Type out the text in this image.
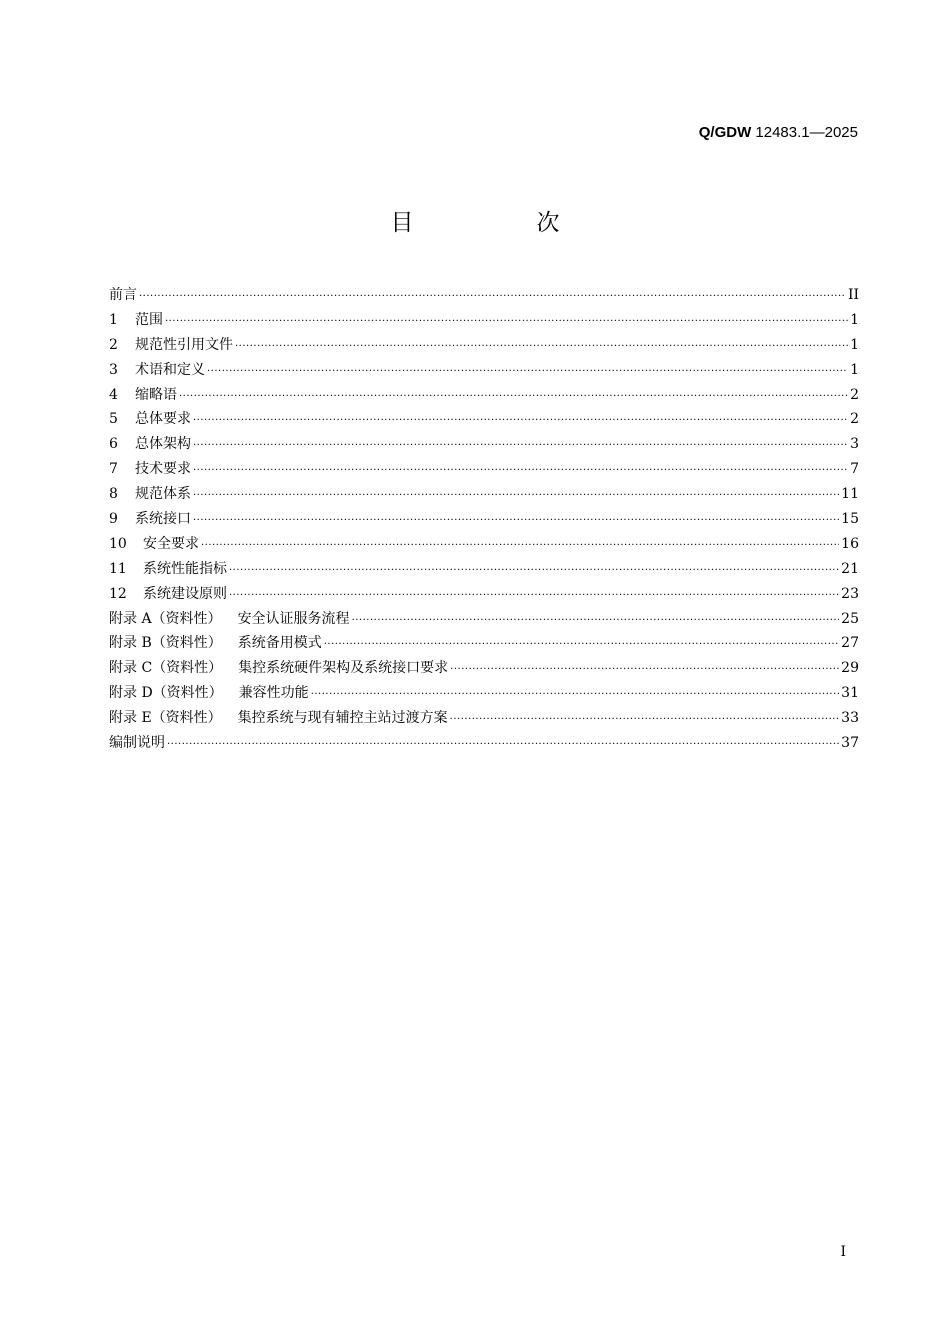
Q/GDW 12483.1—2025
目　次
前言 ·····	II
1	范围 ·····	1
2	规范性引用文件 ·····	1
3	术语和定义 ·····	1
4	缩略语 ·····	2
5	总体要求 ·····	2
6	总体架构 ·····	3
7	技术要求 ·····	7
8	规范体系 ·····	11
9	系统接口 ·····	15
10	安全要求 ·····	16
11	系统性能指标 ·····	21
12	系统建设原则 ·····	23
附录 A（资料性） 安全认证服务流程 ·····	25
附录 B（资料性） 系统备用模式 ·····	27
附录 C（资料性） 集控系统硬件架构及系统接口要求 ·····	29
附录 D（资料性） 兼容性功能 ·····	31
附录 E（资料性） 集控系统与现有辅控主站过渡方案 ·····	33
编制说明 ·····	37
I
